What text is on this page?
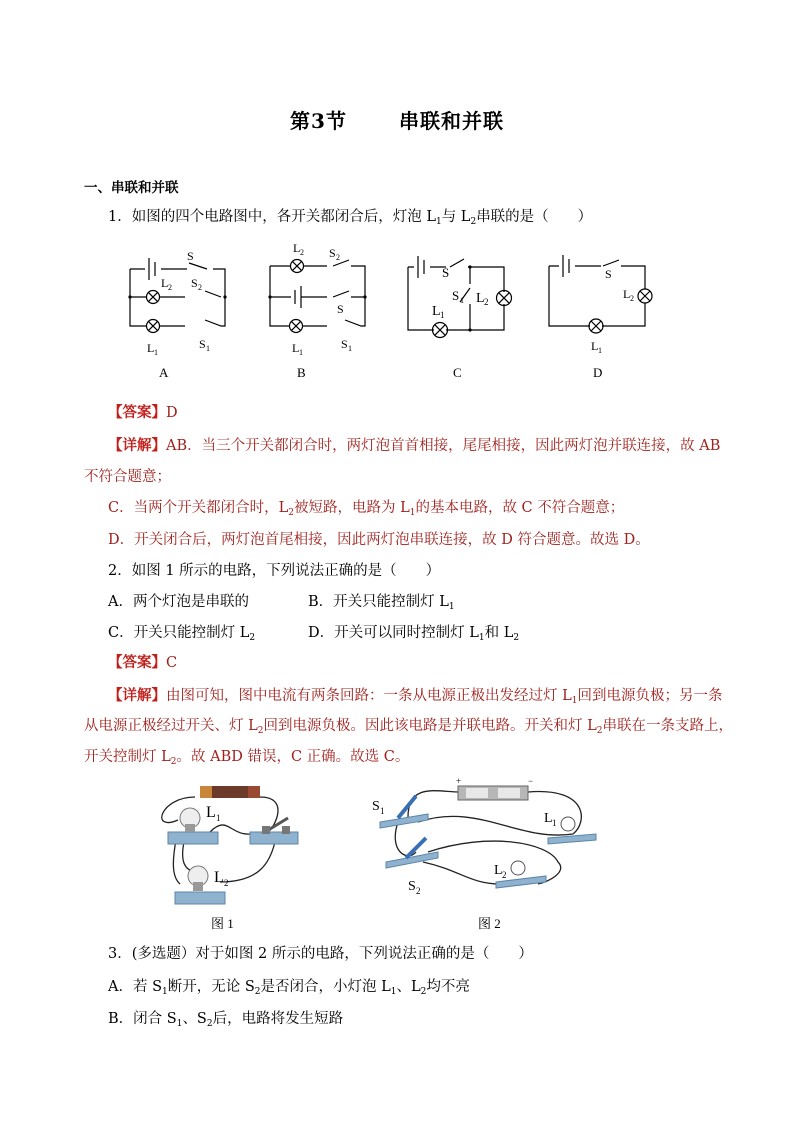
第3节	串联和并联
一、串联和并联
1．如图的四个电路图中，各开关都闭合后，灯泡 $L_1$与 $L_2$串联的是（　　）
S
L 2 S 2
L 1
S 1
A
L 2 S 2
S
L 1
S 1
B
S
S 1 L 2
L 1
C
S
L 2
L 1
D
【答案】D
【详解】AB．当三个开关都闭合时，两灯泡首首相接，尾尾相接，因此两灯泡并联连接，故 AB
不符合题意；
C．当两个开关都闭合时，$L_2$被短路，电路为 $L_1$的基本电路，故 C 不符合题意；
D．开关闭合后，两灯泡首尾相接，因此两灯泡串联连接，故 D 符合题意。故选 D。
2．如图 1 所示的电路，下列说法正确的是（　　）
A．两个灯泡是串联的	B．开关只能控制灯 $L_1$
C．开关只能控制灯 $L_2$	D．开关可以同时控制灯 $L_1$和 $L_2$
【答案】C
【详解】由图可知，图中电流有两条回路：一条从电源正极出发经过灯 $L_1$回到电源负极；另一条
从电源正极经过开关、灯 $L_2$回到电源负极。因此该电路是并联电路。开关和灯 $L_2$串联在一条支路上，
开关控制灯 $L_2$。故 ABD 错误，C 正确。故选 C。
L 1
L 2
图 1
+	−
S 1	L 1
L 2
S 2
图 2
3．(多选题）对于如图 2 所示的电路，下列说法正确的是（　　）
A．若 $S_1$断开，无论 $S_2$是否闭合，小灯泡 $L_1$、$L_2$均不亮
B．闭合 $S_1$、$S_2$后，电路将发生短路
